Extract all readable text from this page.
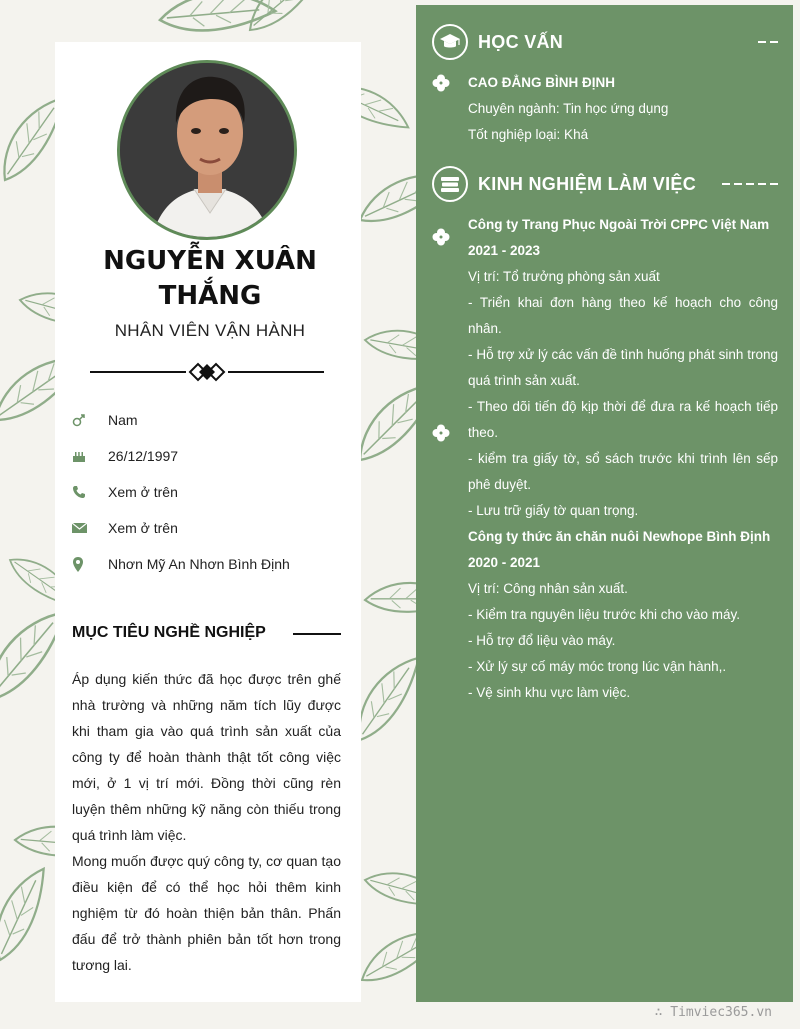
NGUYỄN XUÂN
THẮNG
NHÂN VIÊN VẬN HÀNH
Nam
26/12/1997
Xem ở trên
Xem ở trên
Nhơn Mỹ An Nhơn Bình Định
MỤC TIÊU NGHỀ NGHIỆP
Áp dụng kiến thức đã học được trên ghế nhà trường và những năm tích lũy được khi tham gia vào quá trình sản xuất của công ty để hoàn thành thật tốt công việc mới, ở 1 vị trí mới. Đồng thời cũng rèn luyện thêm những kỹ năng còn thiếu trong quá trình làm việc.
Mong muốn được quý công ty, cơ quan tạo điều kiện để có thể học hỏi thêm kinh nghiệm từ đó hoàn thiện bản thân. Phấn đấu để trở thành phiên bản tốt hơn trong tương lai.
HỌC VẤN
CAO ĐẲNG BÌNH ĐỊNH
Chuyên ngành: Tin học ứng dụng
Tốt nghiệp loại: Khá
KINH NGHIỆM LÀM VIỆC
Công ty Trang Phục Ngoài Trời CPPC Việt Nam
2021 - 2023
Vị trí: Tổ trưởng phòng sản xuất
- Triển khai đơn hàng theo kế hoạch cho công nhân.
- Hỗ trợ xử lý các vấn đề tình huống phát sinh trong quá trình sản xuất.
- Theo dõi tiến độ kịp thời để đưa ra kế hoạch tiếp theo.
- kiểm tra giấy tờ, sổ sách trước khi trình lên sếp phê duyệt.
- Lưu trữ giấy tờ quan trọng.
Công ty thức ăn chăn nuôi Newhope Bình Định
2020 - 2021
Vị trí: Công nhân sản xuất.
- Kiểm tra nguyên liệu trước khi cho vào máy.
- Hỗ trợ đổ liệu vào máy.
- Xử lý sự cố máy móc trong lúc vận hành,.
- Vệ sinh khu vực làm việc.
∴ Timviec365.vn
